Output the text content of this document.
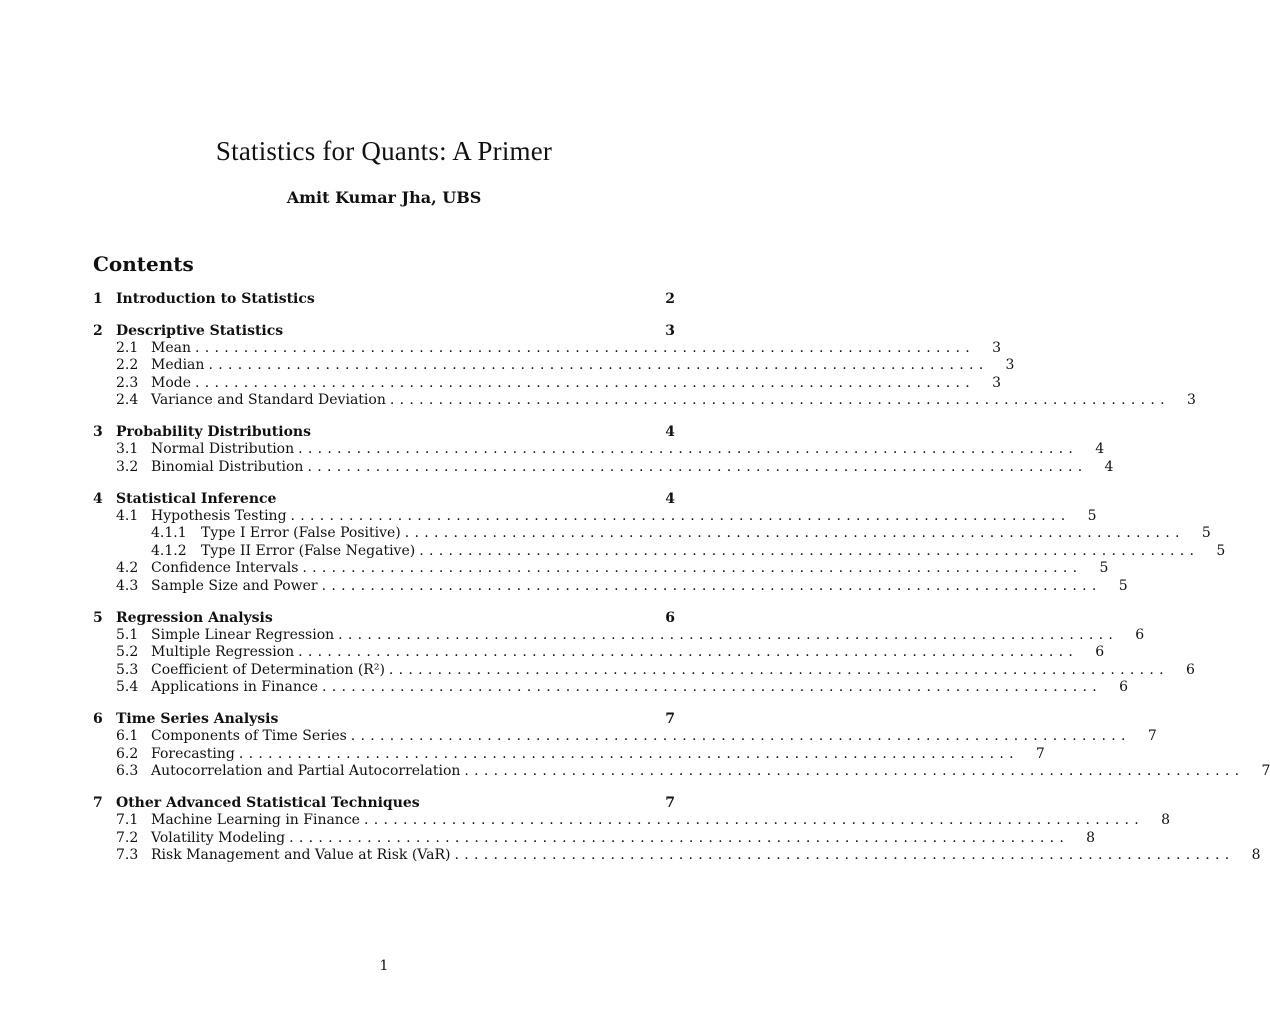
Statistics for Quants: A Primer
Amit Kumar Jha, UBS
Contents
1 Introduction to Statistics	2
2 Descriptive Statistics	3
2.1 Mean ................................................................................	3
2.2 Median ................................................................................	3
2.3 Mode ................................................................................	3
2.4 Variance and Standard Deviation ................................................................................	3
3 Probability Distributions	4
3.1 Normal Distribution ................................................................................	4
3.2 Binomial Distribution ................................................................................	4
4 Statistical Inference	4
4.1 Hypothesis Testing ................................................................................	5
4.1.1	Type I Error (False Positive) ................................................................................	5
4.1.2	Type II Error (False Negative) ................................................................................	5
4.2 Confidence Intervals ................................................................................	5
4.3 Sample Size and Power ................................................................................	5
5 Regression Analysis	6
5.1 Simple Linear Regression ................................................................................	6
5.2 Multiple Regression ................................................................................	6
5.3 Coefficient of Determination (R²) ................................................................................	6
5.4 Applications in Finance ................................................................................	6
6 Time Series Analysis	7
6.1 Components of Time Series ................................................................................	7
6.2 Forecasting ................................................................................	7
6.3 Autocorrelation and Partial Autocorrelation ................................................................................	7
7 Other Advanced Statistical Techniques	7
7.1 Machine Learning in Finance ................................................................................	8
7.2 Volatility Modeling ................................................................................	8
7.3 Risk Management and Value at Risk (VaR) ................................................................................	8
1
